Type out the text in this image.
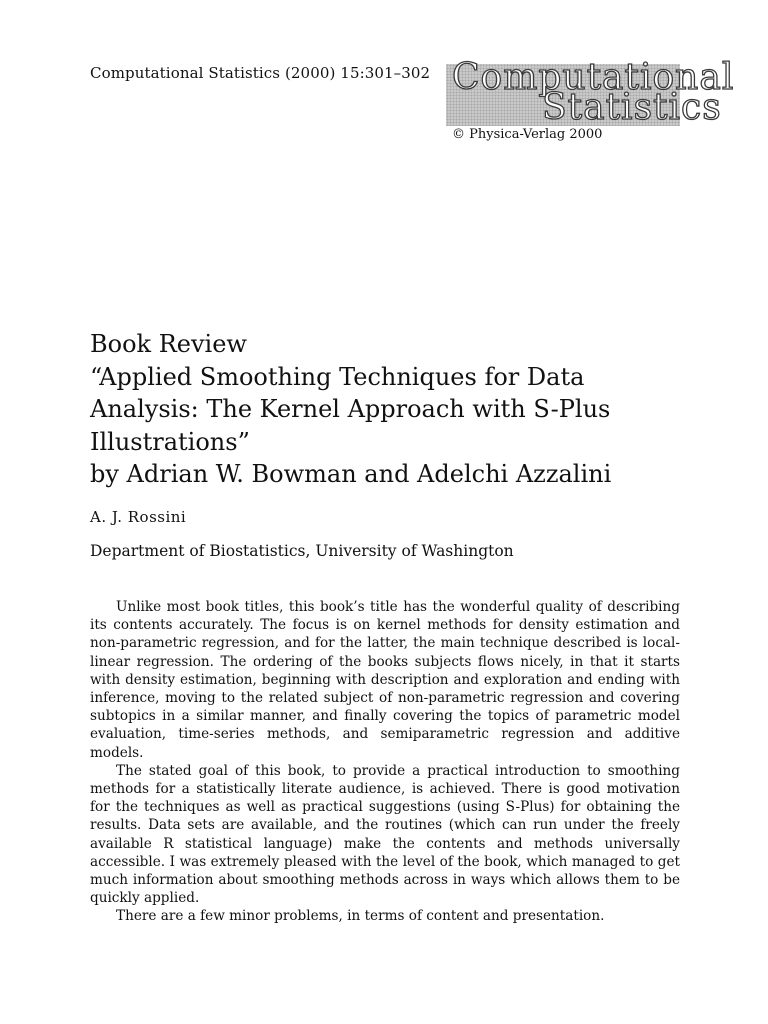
Computational Statistics (2000) 15:301–302 Computational
Statistics
© Physica-Verlag 2000
Book Review
“Applied Smoothing Techniques for Data
Analysis: The Kernel Approach with S-Plus
Illustrations”
by Adrian W. Bowman and Adelchi Azzalini
A. J. Rossini
Department of Biostatistics, University of Washington

Unlike most book titles, this book’s title has the wonderful quality of describing its contents accurately. The focus is on kernel methods for density estimation and non-parametric regression, and for the latter, the main technique described is local-linear regression. The ordering of the books subjects flows nicely, in that it starts with density estimation, beginning with description and exploration and ending with inference, moving to the related subject of non-parametric regression and covering subtopics in a similar manner, and finally covering the topics of parametric model evaluation, time-series methods, and semiparametric regression and additive models.

The stated goal of this book, to provide a practical introduction to smoothing methods for a statistically literate audience, is achieved. There is good motivation for the techniques as well as practical suggestions (using S-Plus) for obtaining the results. Data sets are available, and the routines (which can run under the freely available R statistical language) make the contents and methods universally accessible. I was extremely pleased with the level of the book, which managed to get much information about smoothing methods across in ways which allows them to be quickly applied.

There are a few minor problems, in terms of content and presentation.
